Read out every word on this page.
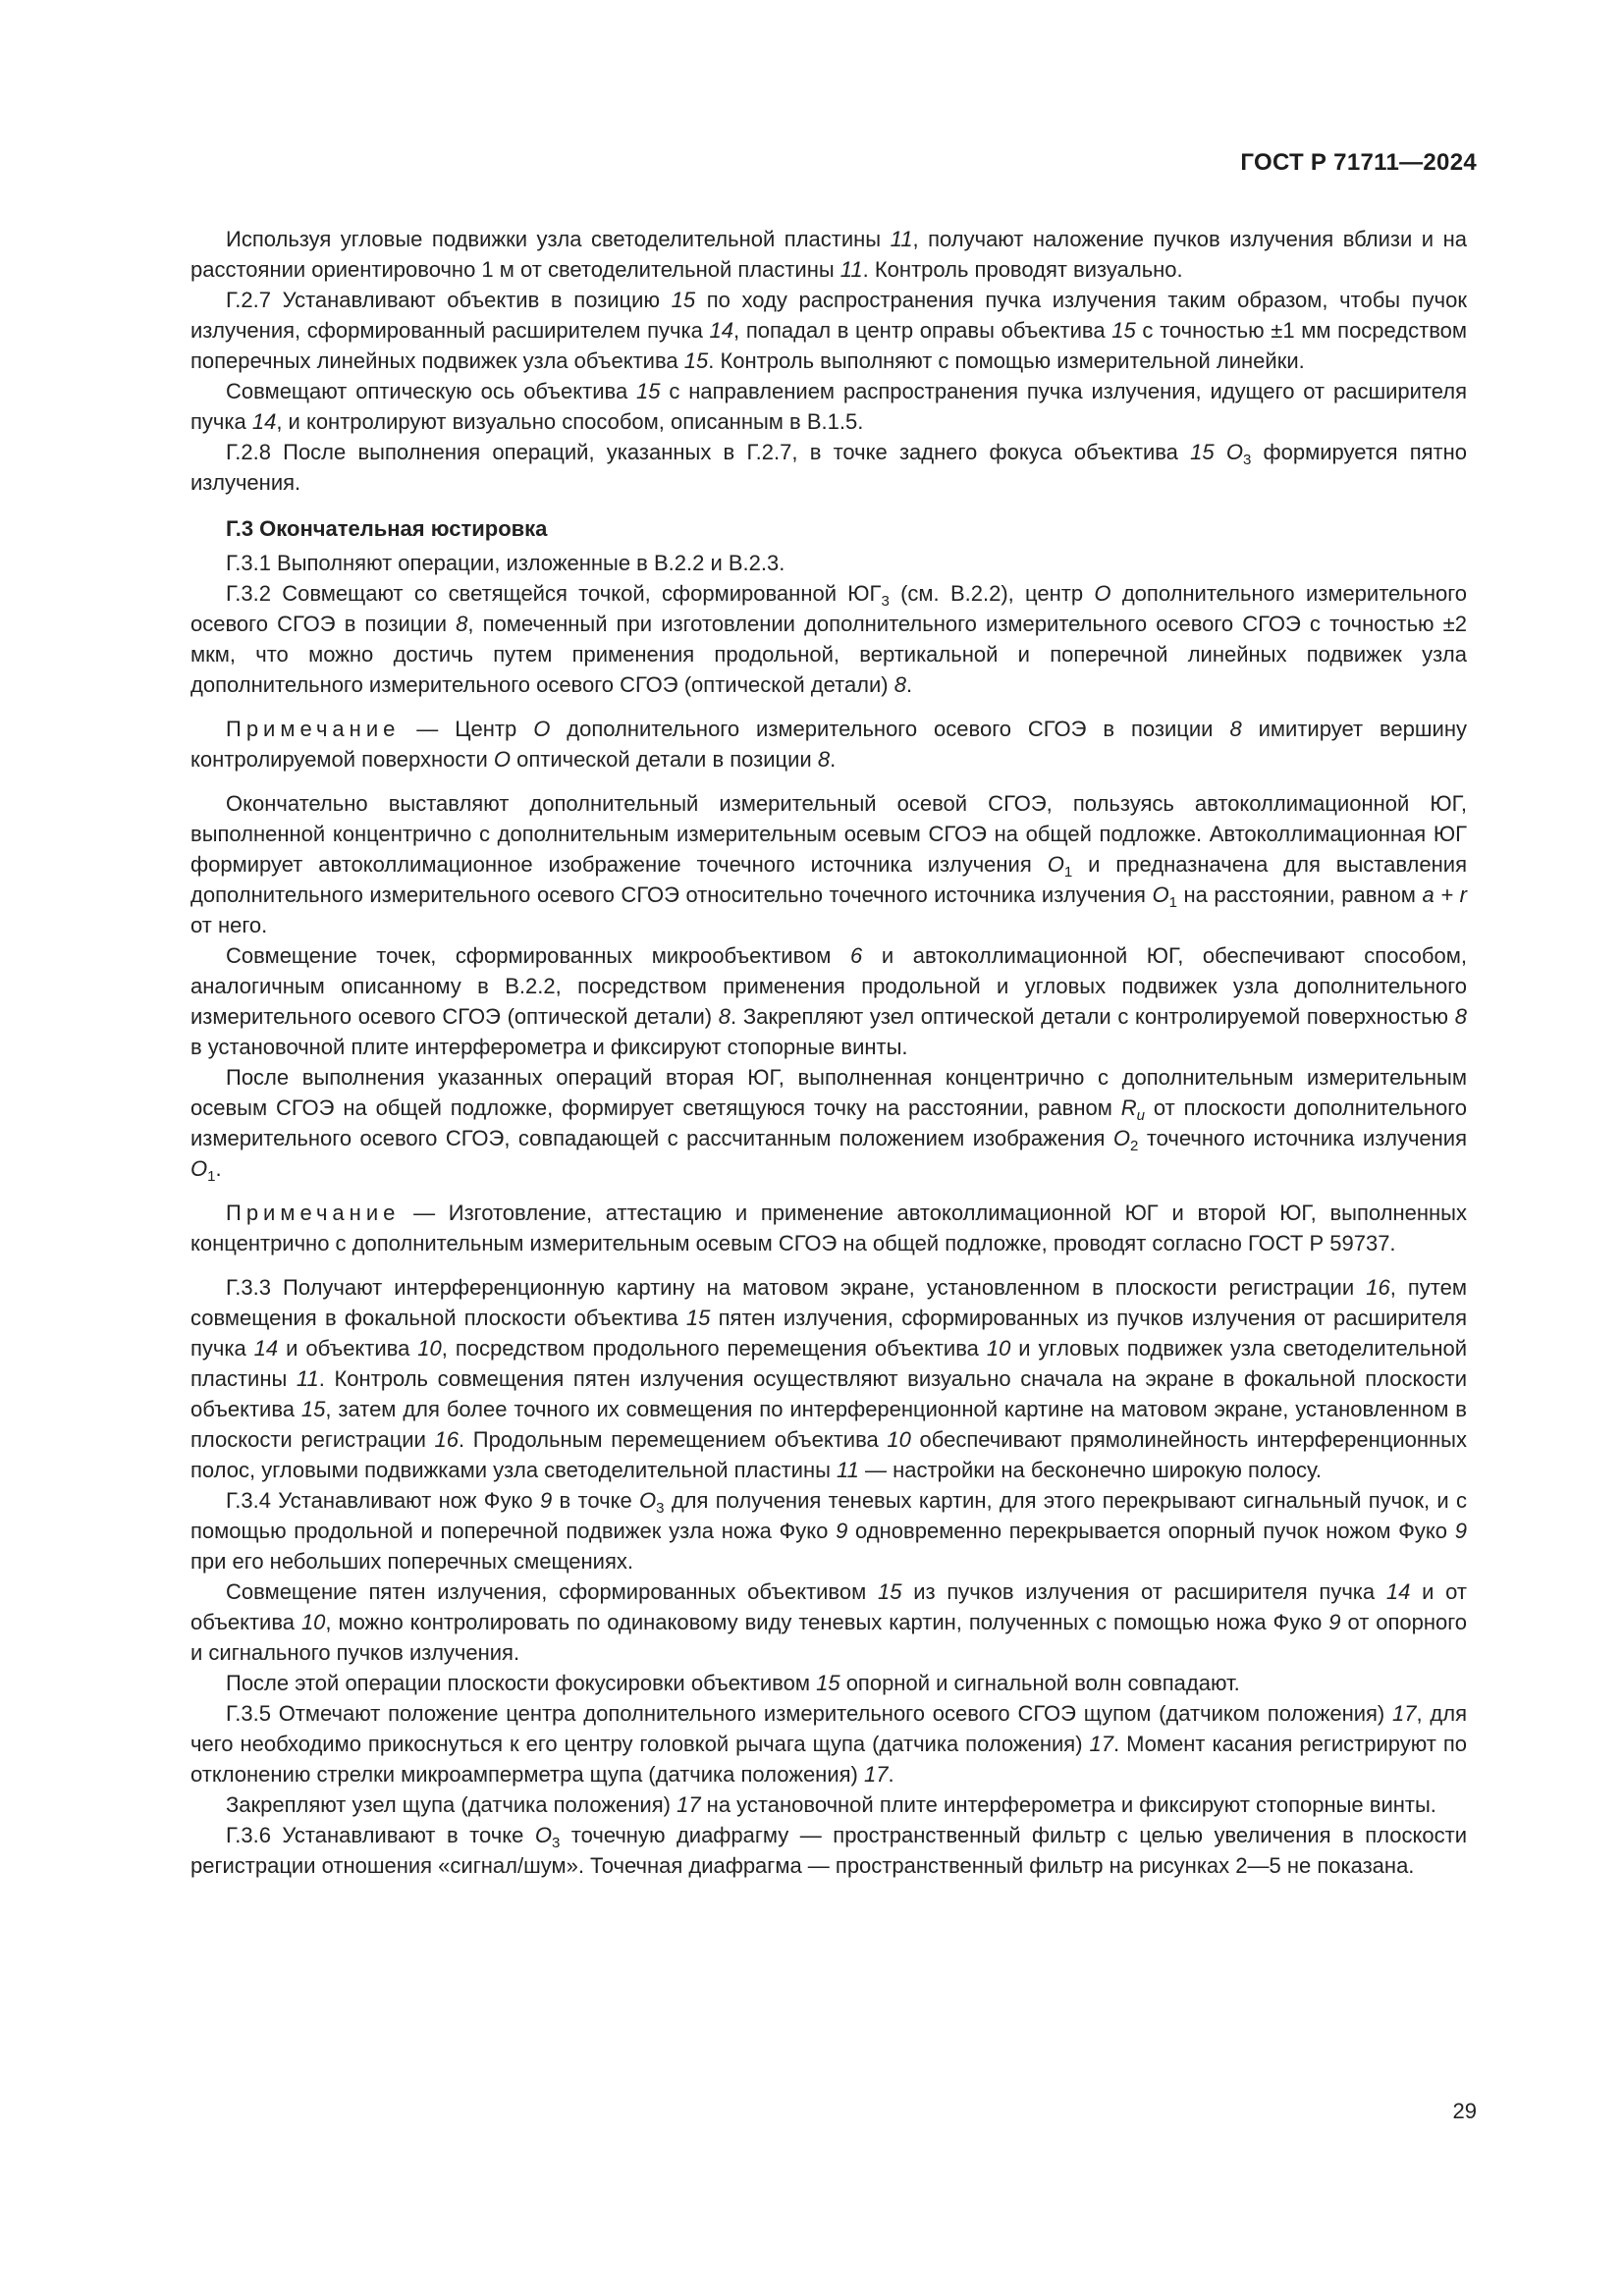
ГОСТ Р 71711—2024

Используя угловые подвижки узла светоделительной пластины 11, получают наложение пучков излучения вблизи и на расстоянии ориентировочно 1 м от светоделительной пластины 11. Контроль проводят визуально.

Г.2.7 Устанавливают объектив в позицию 15 по ходу распространения пучка излучения таким образом, чтобы пучок излучения, сформированный расширителем пучка 14, попадал в центр оправы объектива 15 с точностью ±1 мм посредством поперечных линейных подвижек узла объектива 15. Контроль выполняют с помощью измерительной линейки.

Совмещают оптическую ось объектива 15 с направлением распространения пучка излучения, идущего от расширителя пучка 14, и контролируют визуально способом, описанным в В.1.5.

Г.2.8 После выполнения операций, указанных в Г.2.7, в точке заднего фокуса объектива 15 $O_3$ формируется пятно излучения.

Г.3 Окончательная юстировка

Г.3.1 Выполняют операции, изложенные в В.2.2 и В.2.3.

Г.3.2 Совмещают со светящейся точкой, сформированной $ЮГ_3$ (см. В.2.2), центр O дополнительного измерительного осевого СГОЭ в позиции 8, помеченный при изготовлении дополнительного измерительного осевого СГОЭ с точностью ±2 мкм, что можно достичь путем применения продольной, вертикальной и поперечной линейных подвижек узла дополнительного измерительного осевого СГОЭ (оптической детали) 8.

Примечание — Центр O дополнительного измерительного осевого СГОЭ в позиции 8 имитирует вершину контролируемой поверхности O оптической детали в позиции 8.

Окончательно выставляют дополнительный измерительный осевой СГОЭ, пользуясь автоколлимационной ЮГ, выполненной концентрично с дополнительным измерительным осевым СГОЭ на общей подложке. Автоколлимационная ЮГ формирует автоколлимационное изображение точечного источника излучения $O_1$ и предназначена для выставления дополнительного измерительного осевого СГОЭ относительно точечного источника излучения $O_1$ на расстоянии, равном a + r от него.

Совмещение точек, сформированных микрообъективом 6 и автоколлимационной ЮГ, обеспечивают способом, аналогичным описанному в В.2.2, посредством применения продольной и угловых подвижек узла дополнительного измерительного осевого СГОЭ (оптической детали) 8. Закрепляют узел оптической детали с контролируемой поверхностью 8 в установочной плите интерферометра и фиксируют стопорные винты.

После выполнения указанных операций вторая ЮГ, выполненная концентрично с дополнительным измерительным осевым СГОЭ на общей подложке, формирует светящуюся точку на расстоянии, равном $R_u$ от плоскости дополнительного измерительного осевого СГОЭ, совпадающей с рассчитанным положением изображения $O_2$ точечного источника излучения $O_1$.

Примечание — Изготовление, аттестацию и применение автоколлимационной ЮГ и второй ЮГ, выполненных концентрично с дополнительным измерительным осевым СГОЭ на общей подложке, проводят согласно ГОСТ Р 59737.

Г.3.3 Получают интерференционную картину на матовом экране, установленном в плоскости регистрации 16, путем совмещения в фокальной плоскости объектива 15 пятен излучения, сформированных из пучков излучения от расширителя пучка 14 и объектива 10, посредством продольного перемещения объектива 10 и угловых подвижек узла светоделительной пластины 11. Контроль совмещения пятен излучения осуществляют визуально сначала на экране в фокальной плоскости объектива 15, затем для более точного их совмещения по интерференционной картине на матовом экране, установленном в плоскости регистрации 16. Продольным перемещением объектива 10 обеспечивают прямолинейность интерференционных полос, угловыми подвижками узла светоделительной пластины 11 — настройки на бесконечно широкую полосу.

Г.3.4 Устанавливают нож Фуко 9 в точке $O_3$ для получения теневых картин, для этого перекрывают сигнальный пучок, и с помощью продольной и поперечной подвижек узла ножа Фуко 9 одновременно перекрывается опорный пучок ножом Фуко 9 при его небольших поперечных смещениях.

Совмещение пятен излучения, сформированных объективом 15 из пучков излучения от расширителя пучка 14 и от объектива 10, можно контролировать по одинаковому виду теневых картин, полученных с помощью ножа Фуко 9 от опорного и сигнального пучков излучения.

После этой операции плоскости фокусировки объективом 15 опорной и сигнальной волн совпадают.

Г.3.5 Отмечают положение центра дополнительного измерительного осевого СГОЭ щупом (датчиком положения) 17, для чего необходимо прикоснуться к его центру головкой рычага щупа (датчика положения) 17. Момент касания регистрируют по отклонению стрелки микроамперметра щупа (датчика положения) 17.

Закрепляют узел щупа (датчика положения) 17 на установочной плите интерферометра и фиксируют стопорные винты.

Г.3.6 Устанавливают в точке $O_3$ точечную диафрагму — пространственный фильтр с целью увеличения в плоскости регистрации отношения «сигнал/шум». Точечная диафрагма — пространственный фильтр на рисунках 2—5 не показана.

29
